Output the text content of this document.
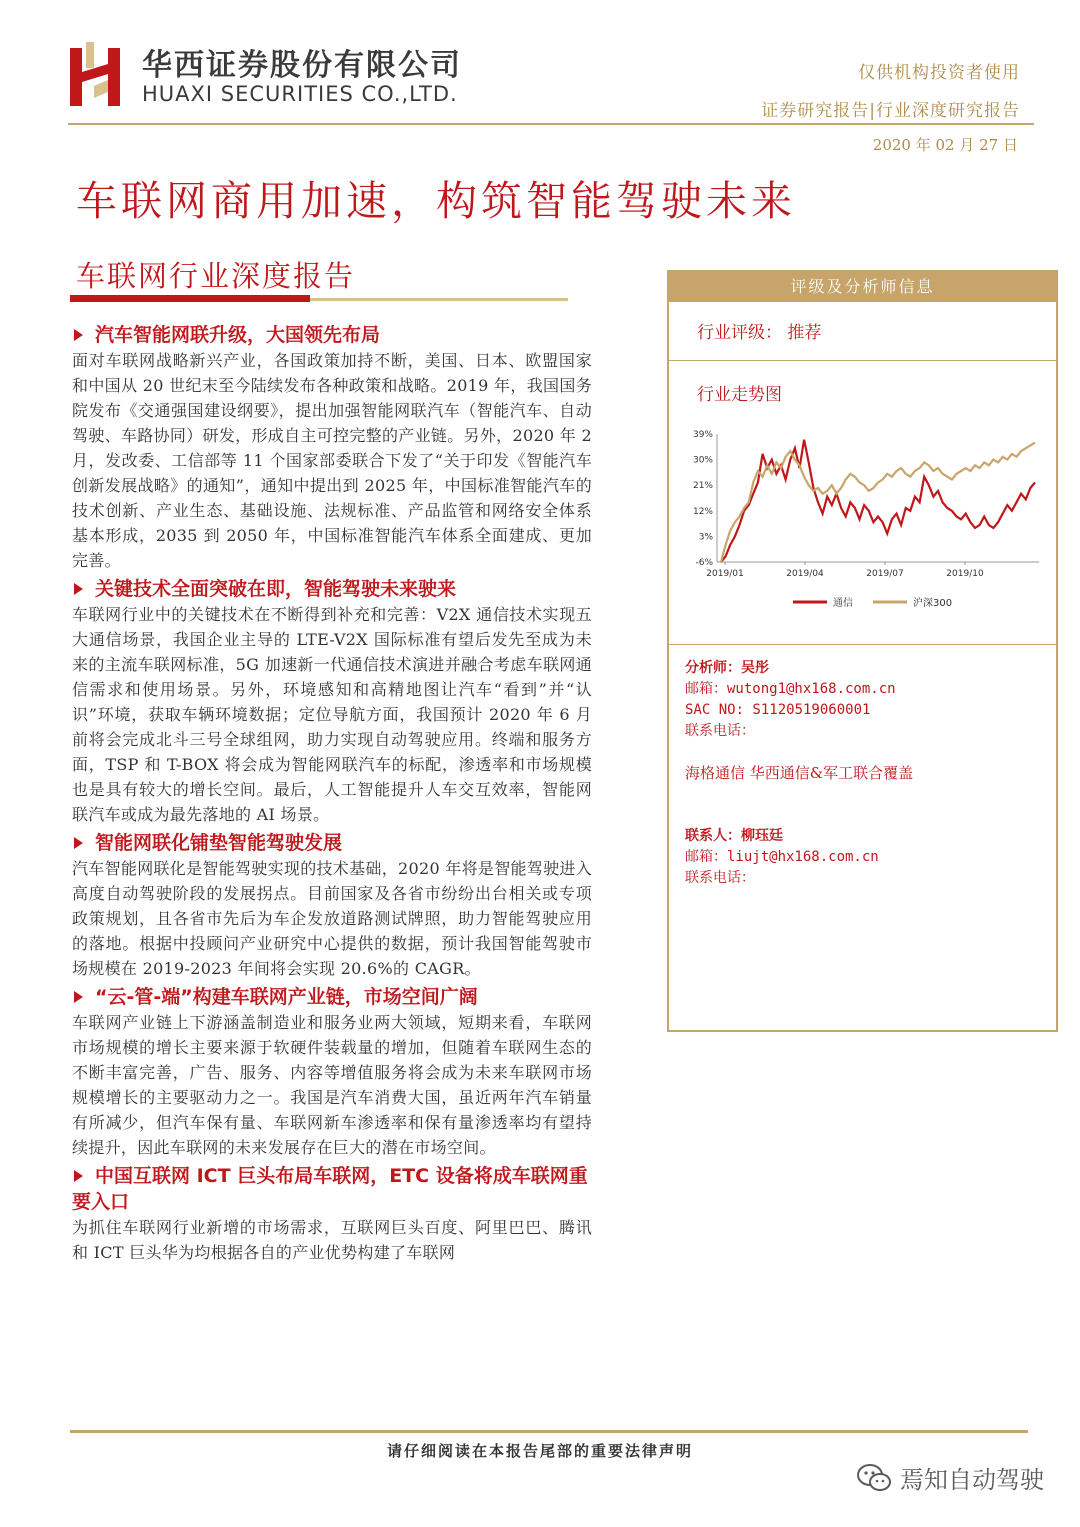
华西证券股份有限公司
HUAXI SECURITIES CO.,LTD.
仅供机构投资者使用
证券研究报告|行业深度研究报告
2020 年 02 月 27 日
车联网商用加速，构筑智能驾驶未来
车联网行业深度报告
汽车智能网联升级，大国领先布局

面对车联网战略新兴产业，各国政策加持不断，美国、日本、欧盟国家和中国从 20 世纪末至今陆续发布各种政策和战略。2019 年，我国国务院发布《交通强国建设纲要》，提出加强智能网联汽车（智能汽车、自动驾驶、车路协同）研发，形成自主可控完整的产业链。另外，2020 年 2 月，发改委、工信部等 11 个国家部委联合下发了“关于印发《智能汽车创新发展战略》的通知”，通知中提出到 2025 年，中国标准智能汽车的技术创新、产业生态、基础设施、法规标准、产品监管和网络安全体系基本形成，2035 到 2050 年，中国标准智能汽车体系全面建成、更加完善。

关键技术全面突破在即，智能驾驶未来驶来

车联网行业中的关键技术在不断得到补充和完善：V2X 通信技术实现五大通信场景，我国企业主导的 LTE-V2X 国际标准有望后发先至成为未来的主流车联网标准，5G 加速新一代通信技术演进并融合考虑车联网通信需求和使用场景。另外，环境感知和高精地图让汽车“看到”并“认识”环境，获取车辆环境数据；定位导航方面，我国预计 2020 年 6 月前将会完成北斗三号全球组网，助力实现自动驾驶应用。终端和服务方面，TSP 和 T-BOX 将会成为智能网联汽车的标配，渗透率和市场规模也是具有较大的增长空间。最后，人工智能提升人车交互效率，智能网联汽车或成为最先落地的 AI 场景。

智能网联化铺垫智能驾驶发展

汽车智能网联化是智能驾驶实现的技术基础，2020 年将是智能驾驶进入高度自动驾驶阶段的发展拐点。目前国家及各省市纷纷出台相关或专项政策规划，且各省市先后为车企发放道路测试牌照，助力智能驾驶应用的落地。根据中投顾问产业研究中心提供的数据，预计我国智能驾驶市场规模在 2019-2023 年间将会实现 20.6%的 CAGR。

“云-管-端”构建车联网产业链，市场空间广阔

车联网产业链上下游涵盖制造业和服务业两大领域，短期来看，车联网市场规模的增长主要来源于软硬件装载量的增加，但随着车联网生态的不断丰富完善，广告、服务、内容等增值服务将会成为未来车联网市场规模增长的主要驱动力之一。我国是汽车消费大国，虽近两年汽车销量有所减少，但汽车保有量、车联网新车渗透率和保有量渗透率均有望持续提升，因此车联网的未来发展存在巨大的潜在市场空间。

中国互联网 ICT 巨头布局车联网，ETC 设备将成车联网重要入口

为抓住车联网行业新增的市场需求，互联网巨头百度、阿里巴巴、腾讯和 ICT 巨头华为均根据各自的产业优势构建了车联网

评级及分析师信息
行业评级： 推荐
行业走势图
39%
30%
21%
12%
3%
-6%
2019/01	2019/04	2019/07	2019/10
通信	沪深300
分析师：吴彤
邮箱：wutong1@hx168.com.cn
SAC NO: S1120519060001
联系电话：
海格通信 华西通信&军工联合覆盖
联系人：柳珏廷
邮箱：liujt@hx168.com.cn
联系电话：
请仔细阅读在本报告尾部的重要法律声明
焉知自动驾驶
